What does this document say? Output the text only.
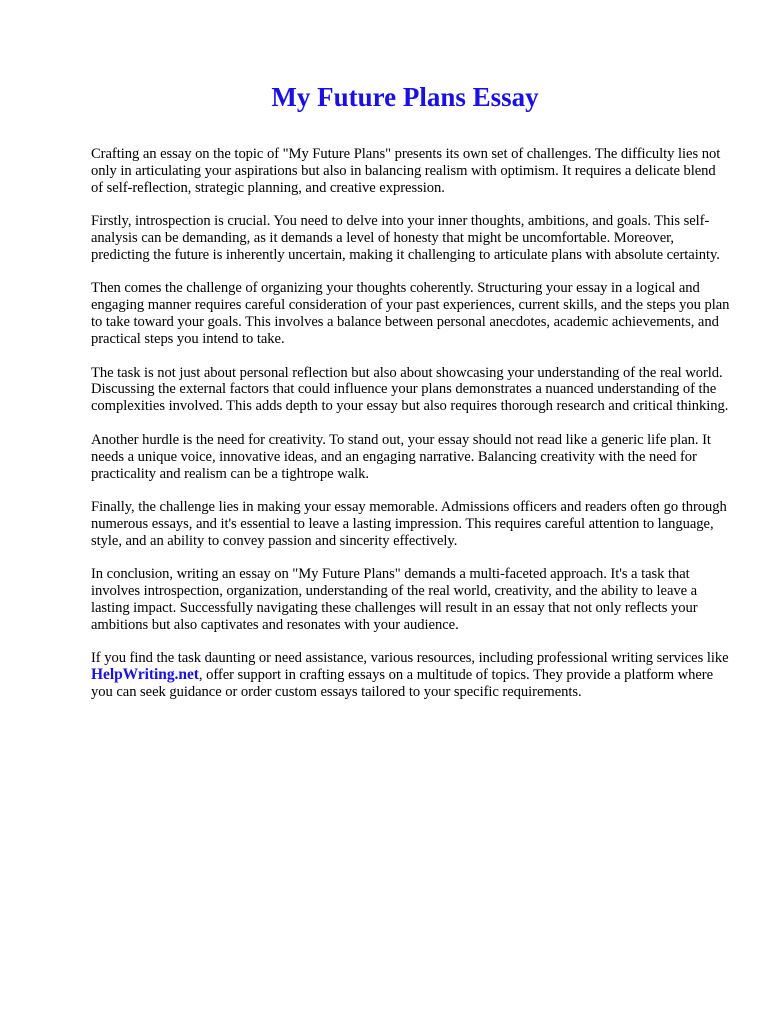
My Future Plans Essay

Crafting an essay on the topic of "My Future Plans" presents its own set of challenges. The difficulty lies not only in articulating your aspirations but also in balancing realism with optimism. It requires a delicate blend of self-reflection, strategic planning, and creative expression.

Firstly, introspection is crucial. You need to delve into your inner thoughts, ambitions, and goals. This self-analysis can be demanding, as it demands a level of honesty that might be uncomfortable. Moreover, predicting the future is inherently uncertain, making it challenging to articulate plans with absolute certainty.

Then comes the challenge of organizing your thoughts coherently. Structuring your essay in a logical and engaging manner requires careful consideration of your past experiences, current skills, and the steps you plan to take toward your goals. This involves a balance between personal anecdotes, academic achievements, and practical steps you intend to take.

The task is not just about personal reflection but also about showcasing your understanding of the real world. Discussing the external factors that could influence your plans demonstrates a nuanced understanding of the complexities involved. This adds depth to your essay but also requires thorough research and critical thinking.

Another hurdle is the need for creativity. To stand out, your essay should not read like a generic life plan. It needs a unique voice, innovative ideas, and an engaging narrative. Balancing creativity with the need for practicality and realism can be a tightrope walk.

Finally, the challenge lies in making your essay memorable. Admissions officers and readers often go through numerous essays, and it's essential to leave a lasting impression. This requires careful attention to language, style, and an ability to convey passion and sincerity effectively.

In conclusion, writing an essay on "My Future Plans" demands a multi-faceted approach. It's a task that involves introspection, organization, understanding of the real world, creativity, and the ability to leave a lasting impact. Successfully navigating these challenges will result in an essay that not only reflects your ambitions but also captivates and resonates with your audience.

If you find the task daunting or need assistance, various resources, including professional writing services like HelpWriting.net, offer support in crafting essays on a multitude of topics. They provide a platform where you can seek guidance or order custom essays tailored to your specific requirements.
